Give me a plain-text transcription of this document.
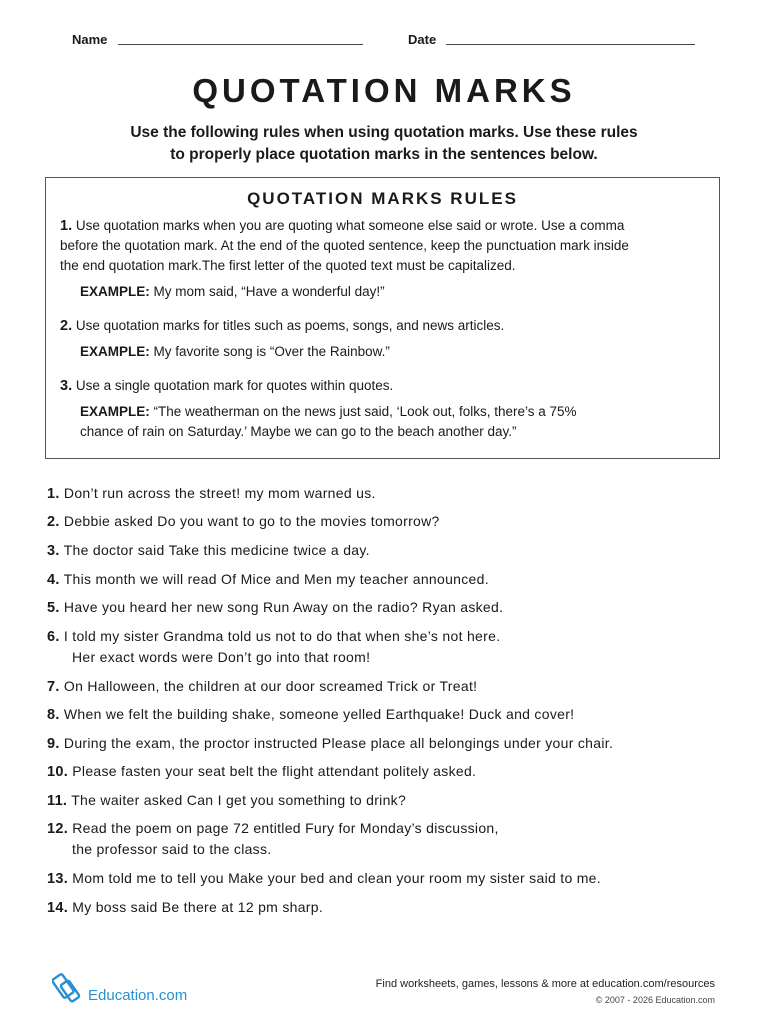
Name	Date
QUOTATION MARKS
Use the following rules when using quotation marks. Use these rules
to properly place quotation marks in the sentences below.
QUOTATION MARKS RULES
1. Use quotation marks when you are quoting what someone else said or wrote. Use a comma
before the quotation mark. At the end of the quoted sentence, keep the punctuation mark inside
the end quotation mark.The first letter of the quoted text must be capitalized.
EXAMPLE: My mom said, “Have a wonderful day!”
2. Use quotation marks for titles such as poems, songs, and news articles.
EXAMPLE: My favorite song is “Over the Rainbow.”
3. Use a single quotation mark for quotes within quotes.
EXAMPLE: “The weatherman on the news just said, ‘Look out, folks, there’s a 75%
chance of rain on Saturday.’ Maybe we can go to the beach another day.”
1. Don’t run across the street! my mom warned us.
2. Debbie asked Do you want to go to the movies tomorrow?
3. The doctor said Take this medicine twice a day.
4. This month we will read Of Mice and Men my teacher announced.
5. Have you heard her new song Run Away on the radio? Ryan asked.
6. I told my sister Grandma told us not to do that when she’s not here.
Her exact words were Don’t go into that room!
7. On Halloween, the children at our door screamed Trick or Treat!
8. When we felt the building shake, someone yelled Earthquake! Duck and cover!
9. During the exam, the proctor instructed Please place all belongings under your chair.
10. Please fasten your seat belt the flight attendant politely asked.
11. The waiter asked Can I get you something to drink?
12. Read the poem on page 72 entitled Fury for Monday’s discussion,
the professor said to the class.
13. Mom told me to tell you Make your bed and clean your room my sister said to me.
14. My boss said Be there at 12 pm sharp.
Education.com
Find worksheets, games, lessons & more at education.com/resources
© 2007 - 2026 Education.com
